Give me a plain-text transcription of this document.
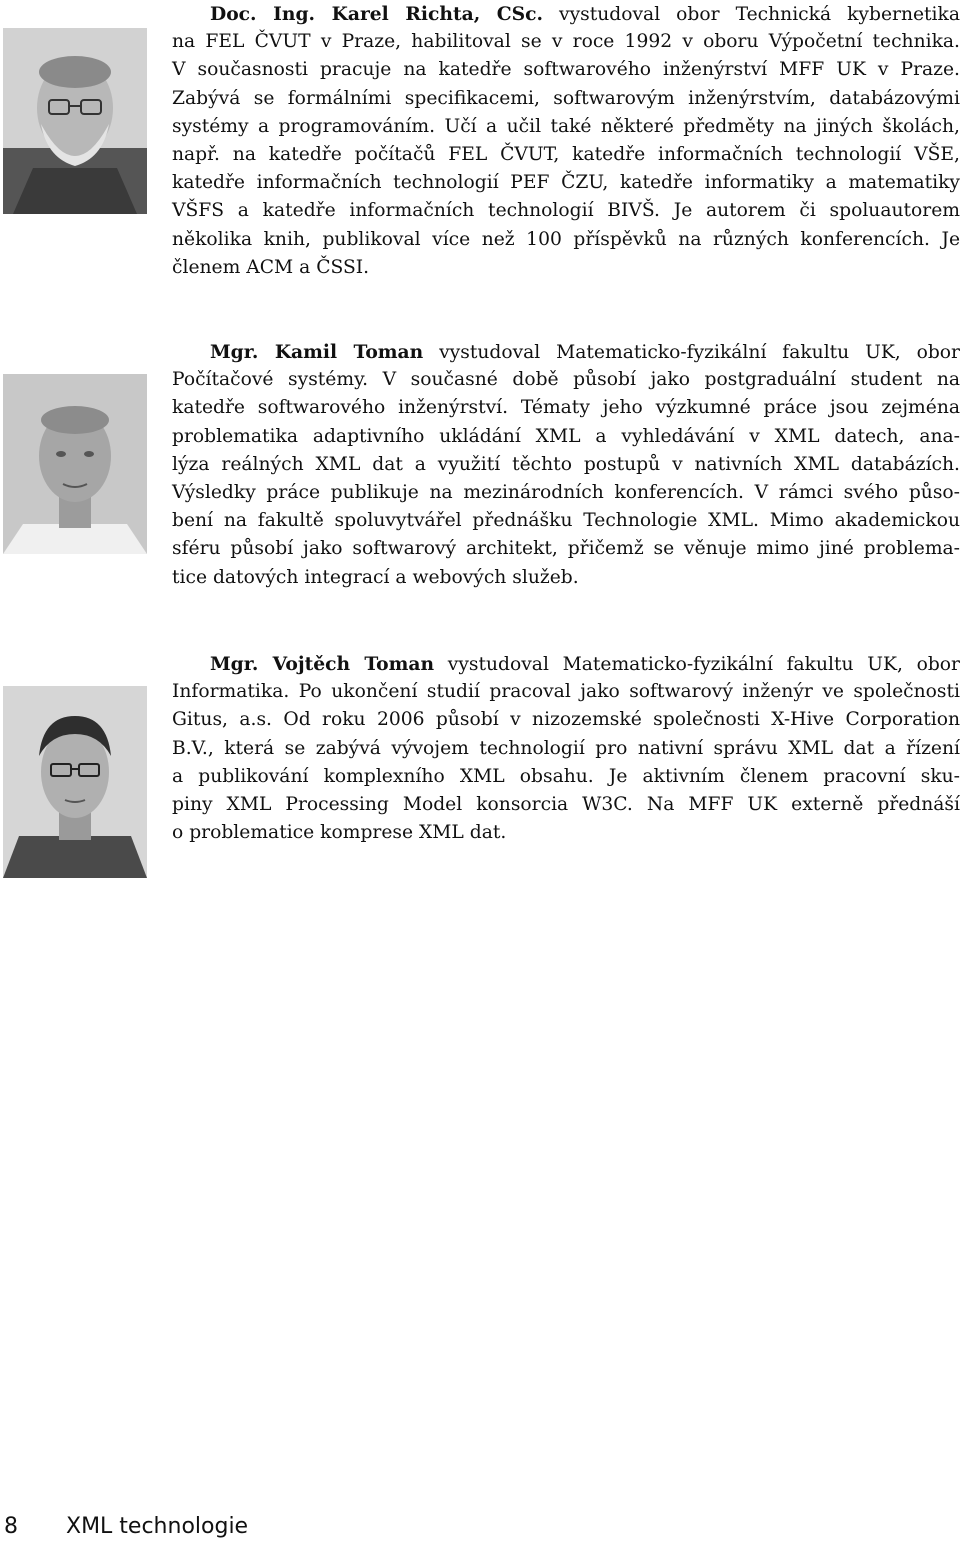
Doc. Ing. Karel Richta, CSc. vystudoval obor Technická kybernetika
na FEL ČVUT v Praze, habilitoval se v roce 1992 v oboru Výpočetní technika.
V současnosti pracuje na katedře softwarového inženýrství MFF UK v Praze.
Zabývá se formálními specifikacemi, softwarovým inženýrstvím, databázovými
systémy a programováním. Učí a učil také některé předměty na jiných školách,
např. na katedře počítačů FEL ČVUT, katedře informačních technologií VŠE,
katedře informačních technologií PEF ČZU, katedře informatiky a matematiky
VŠFS a katedře informačních technologií BIVŠ. Je autorem či spoluautorem
několika knih, publikoval více než 100 příspěvků na různých konferencích. Je
členem ACM a ČSSI.
Mgr. Kamil Toman vystudoval Matematicko-fyzikální fakultu UK, obor
Počítačové systémy. V současné době působí jako postgraduální student na
katedře softwarového inženýrství. Tématy jeho výzkumné práce jsou zejména
problematika adaptivního ukládání XML a vyhledávání v XML datech, ana-
lýza reálných XML dat a využití těchto postupů v nativních XML databázích.
Výsledky práce publikuje na mezinárodních konferencích. V rámci svého půso-
bení na fakultě spoluvytvářel přednášku Technologie XML. Mimo akademickou
sféru působí jako softwarový architekt, přičemž se věnuje mimo jiné problema-
tice datových integrací a webových služeb.
Mgr. Vojtěch Toman vystudoval Matematicko-fyzikální fakultu UK, obor
Informatika. Po ukončení studií pracoval jako softwarový inženýr ve společnosti
Gitus, a.s. Od roku 2006 působí v nizozemské společnosti X-Hive Corporation
B.V., která se zabývá vývojem technologií pro nativní správu XML dat a řízení
a publikování komplexního XML obsahu. Je aktivním členem pracovní sku-
piny XML Processing Model konsorcia W3C. Na MFF UK externě přednáší
o problematice komprese XML dat.
8 XML technologie
